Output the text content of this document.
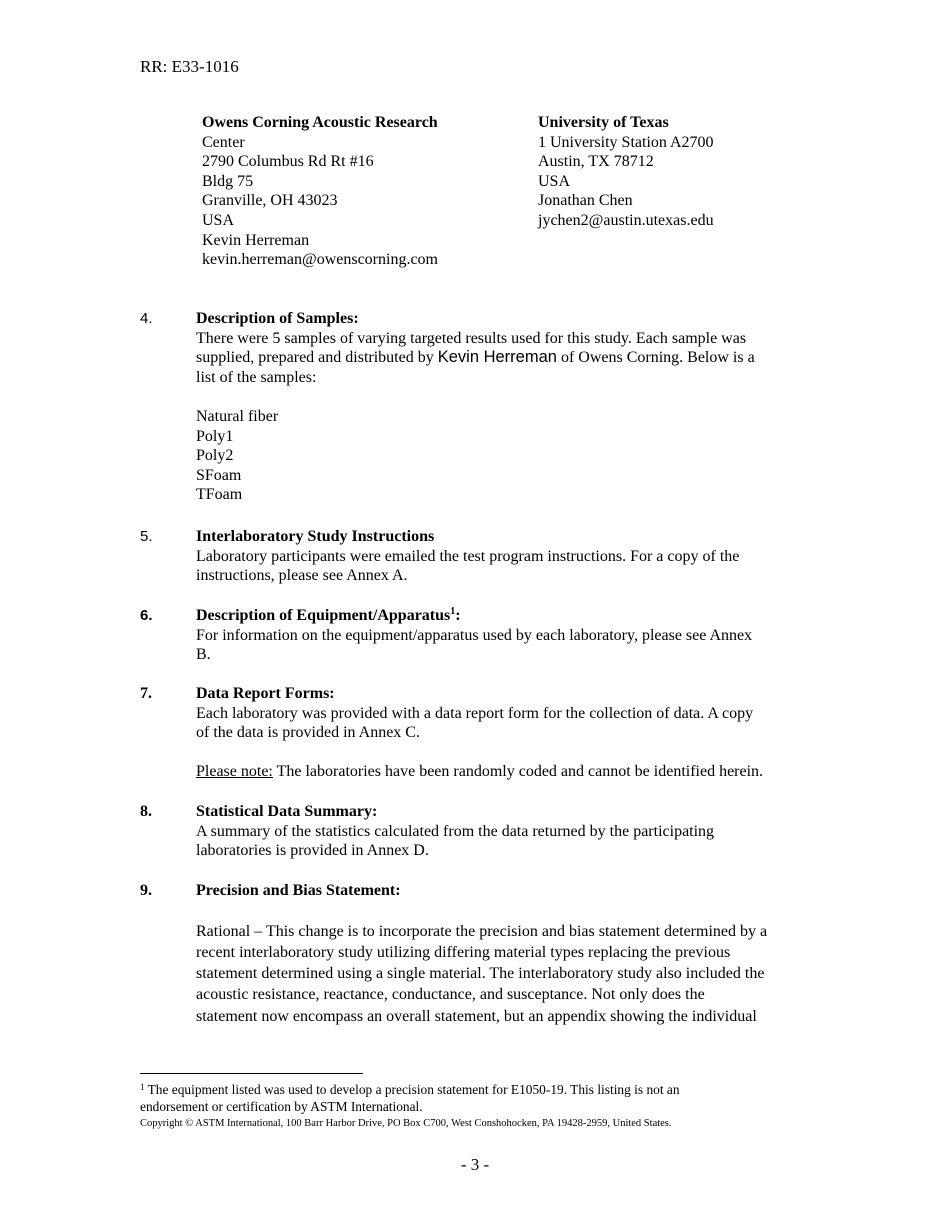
RR: E33-1016
Owens Corning Acoustic Research
Center
2790 Columbus Rd Rt #16
Bldg 75
Granville, OH 43023
USA
Kevin Herreman
kevin.herreman@owenscorning.com
University of Texas
1 University Station A2700
Austin, TX 78712
USA
Jonathan Chen
jychen2@austin.utexas.edu
4.	Description of Samples:

There were 5 samples of varying targeted results used for this study. Each sample was

supplied, prepared and distributed by Kevin Herreman of Owens Corning. Below is a

list of the samples:

Natural fiber

Poly1

Poly2

SFoam

TFoam

5.	Interlaboratory Study Instructions

Laboratory participants were emailed the test program instructions. For a copy of the

instructions, please see Annex A.

6.	Description of Equipment/Apparatus$^1$:

For information on the equipment/apparatus used by each laboratory, please see Annex

B.

7.	Data Report Forms:

Each laboratory was provided with a data report form for the collection of data. A copy

of the data is provided in Annex C.

Please note: The laboratories have been randomly coded and cannot be identified herein.

8.	Statistical Data Summary:

A summary of the statistics calculated from the data returned by the participating

laboratories is provided in Annex D.

9.	Precision and Bias Statement:

Rational – This change is to incorporate the precision and bias statement determined by a

recent interlaboratory study utilizing differing material types replacing the previous

statement determined using a single material. The interlaboratory study also included the

acoustic resistance, reactance, conductance, and susceptance. Not only does the

statement now encompass an overall statement, but an appendix showing the individual

$^1$ The equipment listed was used to develop a precision statement for E1050-19. This listing is not an
endorsement or certification by ASTM International.
Copyright © ASTM International, 100 Barr Harbor Drive, PO Box C700, West Conshohocken, PA 19428-2959, United States.
- 3 -
